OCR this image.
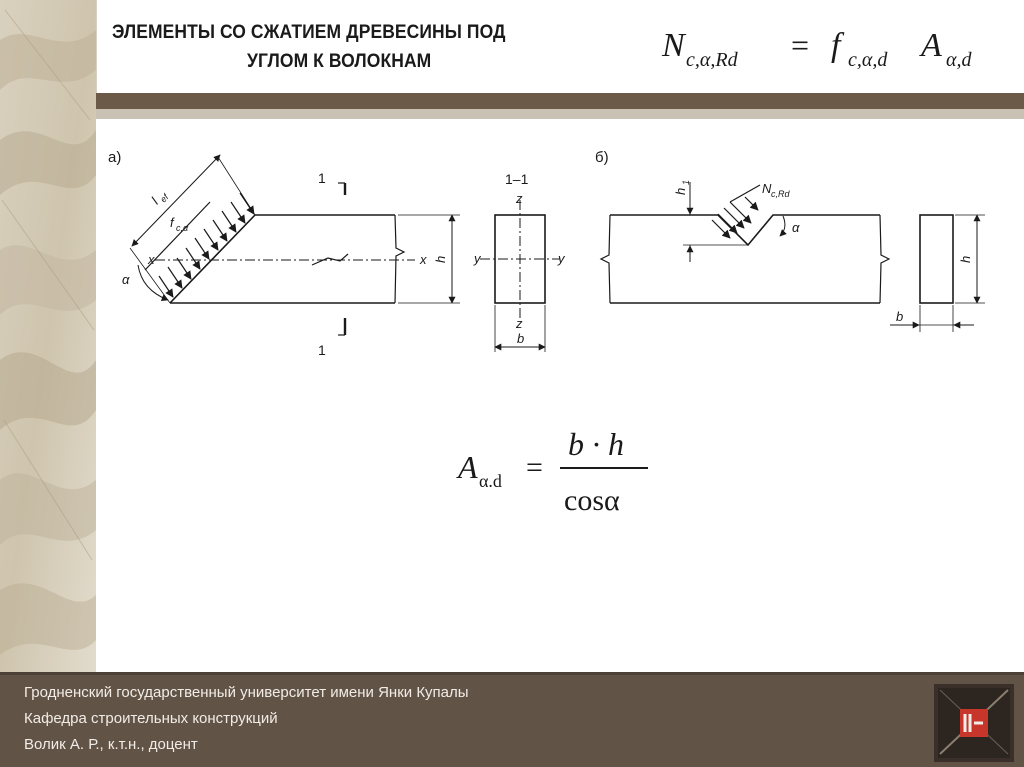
ЭЛЕМЕНТЫ СО СЖАТИЕМ ДРЕВЕСИНЫ ПОД
УГЛОМ К ВОЛОКНАМ	N c,α,Rd = f c,α,d A α,d
а)	б)
1
1
1–1
l
ef
f c,α
x	x h
α
z
z
y	y
b
h
1	N c,Rd
α
h
b
A α.d =
b · h
cosα
Гродненский государственный университет имени Янки Купалы
Кафедра строительных конструкций
Волик А. Р., к.т.н., доцент
